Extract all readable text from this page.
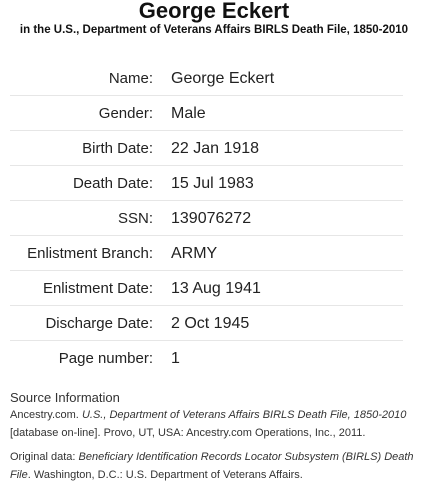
George Eckert
in the U.S., Department of Veterans Affairs BIRLS Death File, 1850-2010
Name: George Eckert
Gender: Male
Birth Date: 22 Jan 1918
Death Date: 15 Jul 1983
SSN: 139076272
Enlistment Branch: ARMY
Enlistment Date: 13 Aug 1941
Discharge Date: 2 Oct 1945
Page number: 1
Source Information
Ancestry.com. U.S., Department of Veterans Affairs BIRLS Death File, 1850-2010
[database on-line]. Provo, UT, USA: Ancestry.com Operations, Inc., 2011.
Original data: Beneficiary Identification Records Locator Subsystem (BIRLS) Death File. Washington, D.C.: U.S. Department of Veterans Affairs.
